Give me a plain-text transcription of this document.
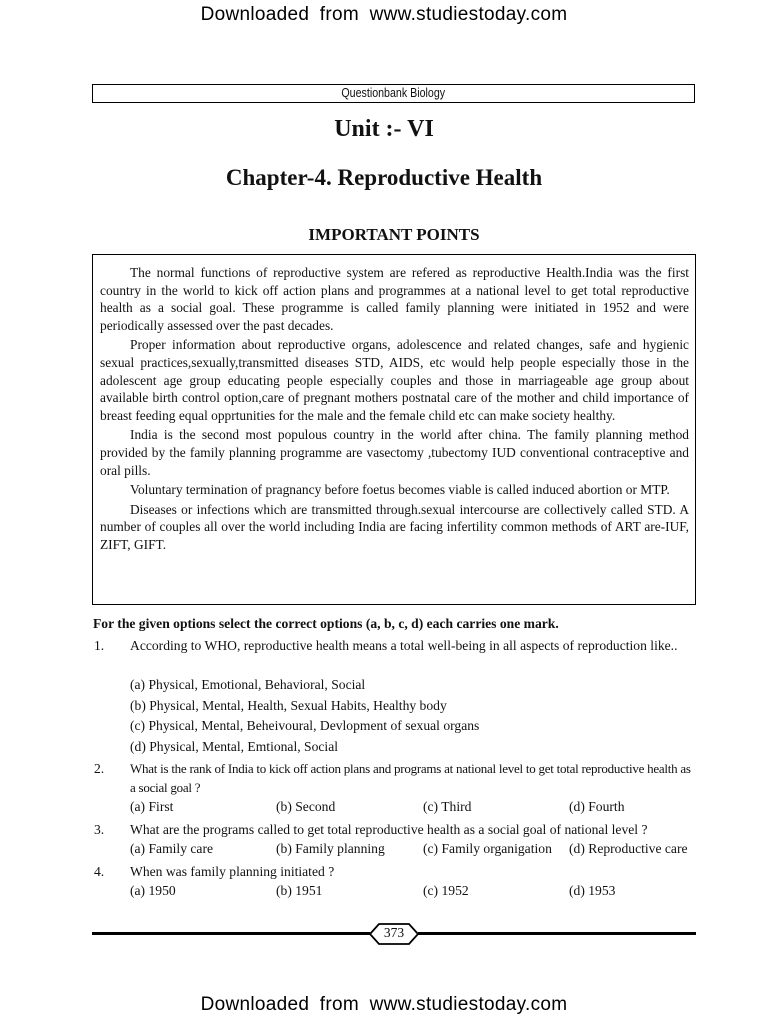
Downloaded from www.studiestoday.com
Questionbank Biology
Unit :- VI
Chapter-4. Reproductive Health
IMPORTANT POINTS

The normal functions of reproductive system are refered as reproductive Health.India was the first country in the world to kick off action plans and programmes at a national level to get total reproductive health as a social goal. These programme is called family planning were initiated in 1952 and were periodically assessed over the past decades.

Proper information about reproductive organs, adolescence and related changes, safe and hygienic sexual practices,sexually,transmitted diseases STD, AIDS, etc would help people especially those in the adolescent age group educating people especially couples and those in marriageable age group about available birth control option,care of pregnant mothers postnatal care of the mother and child importance of breast feeding equal opprtunities for the male and the female child etc can make society healthy.

India is the second most populous country in the world after china. The family planning method provided by the family planning programme are vasectomy ,tubectomy IUD conventional contraceptive and oral pills.

Voluntary termination of pragnancy before foetus becomes viable is called induced abortion or MTP.

Diseases or infections which are transmitted through.sexual intercourse are collectively called STD. A number of couples all over the world including India are facing infertility common methods of ART are-IUF, ZIFT, GIFT.

For the given options select the correct options (a, b, c, d) each carries one mark.
1. According to WHO, reproductive health means a total well-being in all aspects of reproduction like..
(a) Physical, Emotional, Behavioral, Social
(b) Physical, Mental, Health, Sexual Habits, Healthy body
(c) Physical, Mental, Beheivoural, Devlopment of sexual organs
(d) Physical, Mental, Emtional, Social
2. What is the rank of India to kick off action plans and programs at national level to get total reproductive health as a social goal ?
(a) First	(b) Second	(c) Third	(d) Fourth
3. What are the programs called to get total reproductive health as a social goal of national level ?
(a) Family care	(b) Family planning	(c) Family organigation (d) Reproductive care
4. When was family planning initiated ?
(a) 1950	(b) 1951	(c) 1952	(d) 1953
373
Downloaded from www.studiestoday.com
